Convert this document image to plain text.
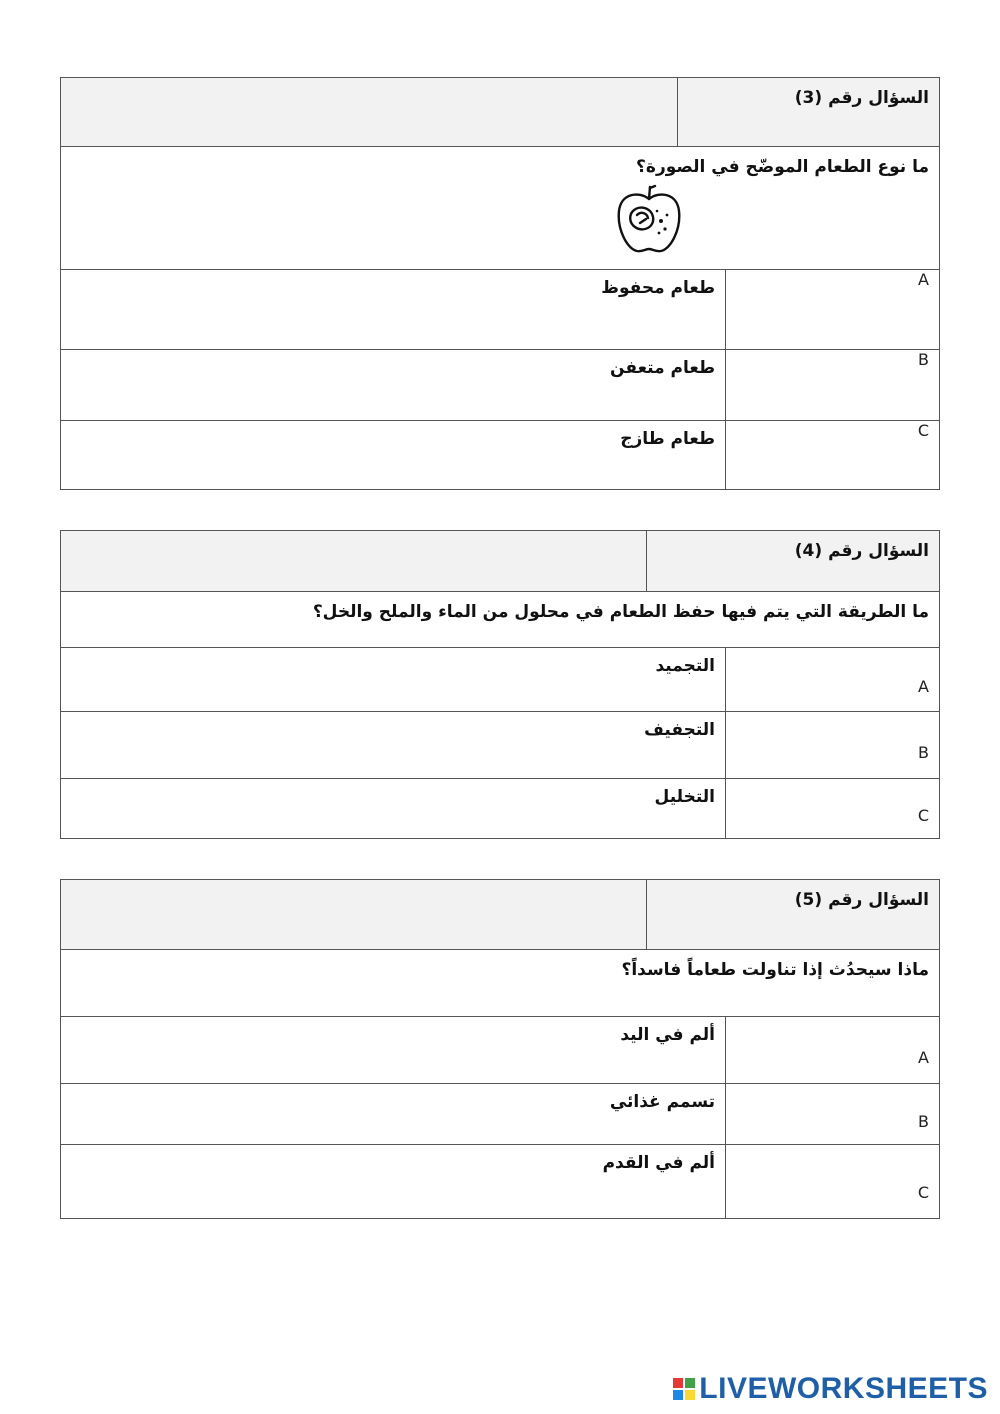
السؤال رقم (3)		

ما نوع الطعام الموضّح في الصورة؟		

A	طعام محفوظ	
B	طعام متعفن	
C	طعام طازج	
السؤال رقم (4)		
ما الطريقة التي يتم فيها حفظ الطعام في محلول من الماء والملح والخل؟		
A	التجميد	
B	التجفيف	
C	التخليل	
السؤال رقم (5)		
ماذا سيحدُث إذا تناولت طعاماً فاسداً؟		
A	ألم في اليد	
B	تسمم غذائي	
C	ألم في القدم	
LIVEWORKSHEETS
